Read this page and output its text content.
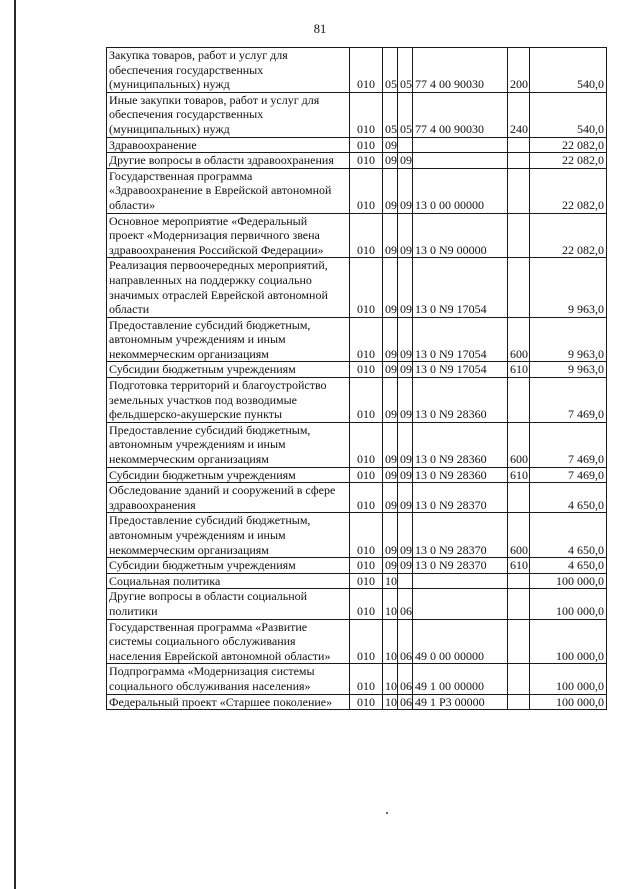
81
Закупка товаров, работ и услуг для
обеспечения государственных
(муниципальных) нужд	010	05	05	77 4 00 90030	200	540,0

Иные закупки товаров, работ и услуг для
обеспечения государственных
(муниципальных) нужд	010	05	05	77 4 00 90030	240	540,0

Здравоохранение	010	09				22 082,0

Другие вопросы в области здравоохранения	010	09	09			22 082,0

Государственная программа
«Здравоохранение в Еврейской автономной
области»	010	09	09	13 0 00 00000		22 082,0

Основное мероприятие «Федеральный
проект «Модернизация первичного звена
здравоохранения Российской Федерации»	010	09	09	13 0 N9 00000		22 082,0

Реализация первоочередных мероприятий,
направленных на поддержку социально
значимых отраслей Еврейской автономной
области	010	09	09	13 0 N9 17054		9 963,0

Предоставление субсидий бюджетным,
автономным учреждениям и иным
некоммерческим организациям	010	09	09	13 0 N9 17054	600	9 963,0

Субсидии бюджетным учреждениям	010	09	09	13 0 N9 17054	610	9 963,0

Подготовка территорий и благоустройство
земельных участков под возводимые
фельдшерско-акушерские пункты	010	09	09	13 0 N9 28360		7 469,0

Предоставление субсидий бюджетным,
автономным учреждениям и иным
некоммерческим организациям	010	09	09	13 0 N9 28360	600	7 469,0

Субсидии бюджетным учреждениям	010	09	09	13 0 N9 28360	610	7 469,0

Обследование зданий и сооружений в сфере
здравоохранения	010	09	09	13 0 N9 28370		4 650,0

Предоставление субсидий бюджетным,
автономным учреждениям и иным
некоммерческим организациям	010	09	09	13 0 N9 28370	600	4 650,0

Субсидии бюджетным учреждениям	010	09	09	13 0 N9 28370	610	4 650,0

Социальная политика	010	10				100 000,0

Другие вопросы в области социальной
политики	010	10	06			100 000,0

Государственная программа «Развитие
системы социального обслуживания
населения Еврейской автономной области»	010	10	06	49 0 00 00000		100 000,0

Подпрограмма «Модернизация системы
социального обслуживания населения»	010	10	06	49 1 00 00000		100 000,0

Федеральный проект «Старшее поколение»	010	10	06	49 1 P3 00000		100 000,0
